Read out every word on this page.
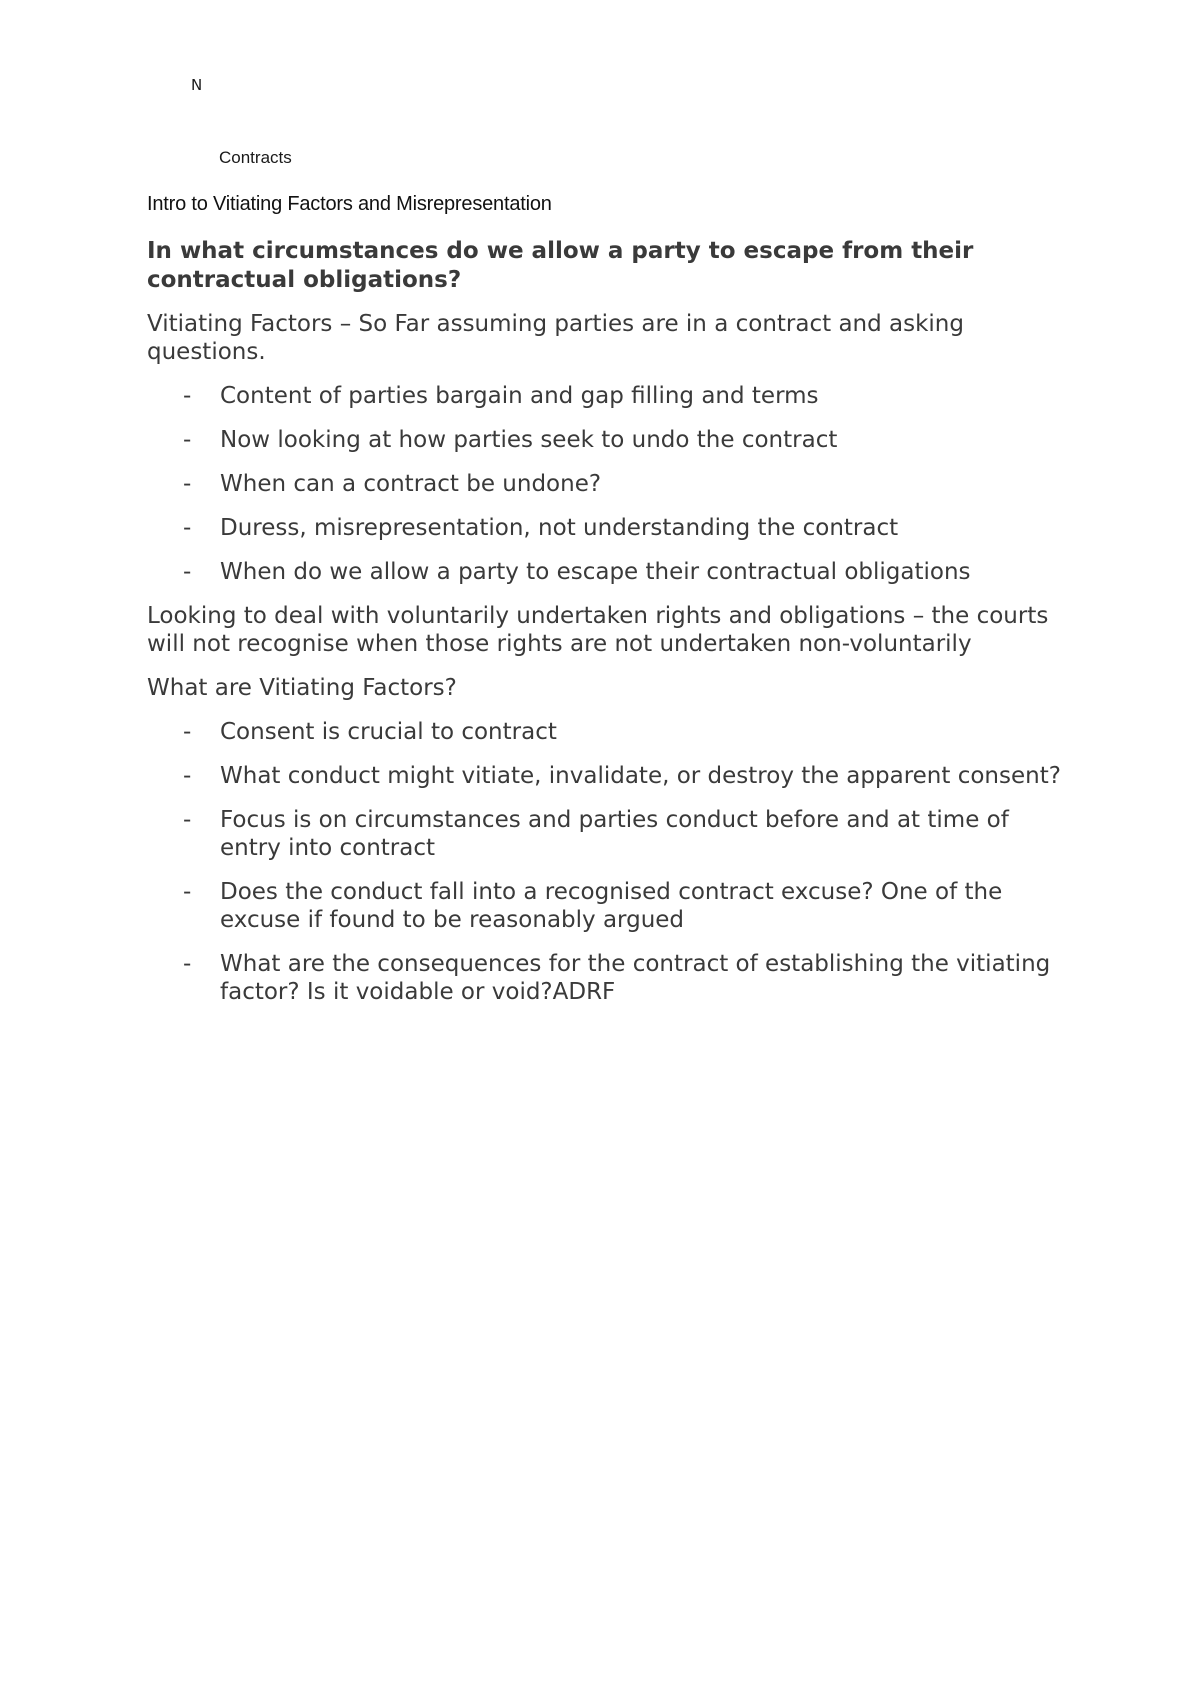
N
Contracts
Intro to Vitiating Factors and Misrepresentation

In what circumstances do we allow a party to escape from their contractual obligations?

Vitiating Factors – So Far assuming parties are in a contract and asking questions.

- Content of parties bargain and gap filling and terms
- Now looking at how parties seek to undo the contract
- When can a contract be undone?
- Duress, misrepresentation, not understanding the contract
- When do we allow a party to escape their contractual obligations

Looking to deal with voluntarily undertaken rights and obligations – the courts will not recognise when those rights are not undertaken non-voluntarily

What are Vitiating Factors?

- Consent is crucial to contract
- What conduct might vitiate, invalidate, or destroy the apparent consent?
- Focus is on circumstances and parties conduct before and at time of entry into contract
- Does the conduct fall into a recognised contract excuse? One of the excuse if found to be reasonably argued
- What are the consequences for the contract of establishing the vitiating factor? Is it voidable or void?ADRF
